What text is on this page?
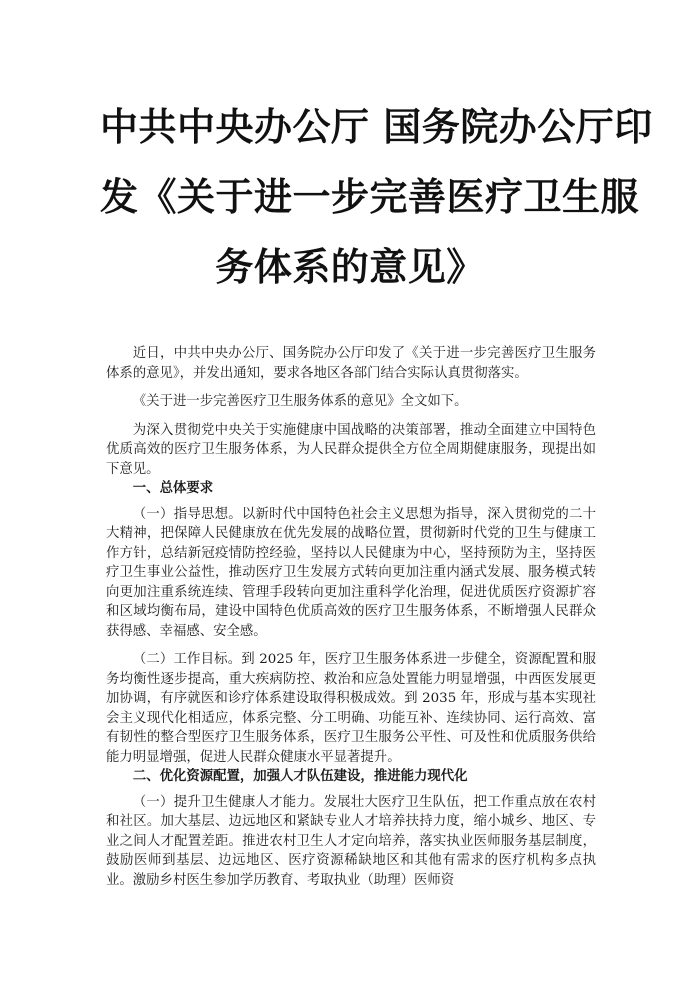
中共中央办公厅 国务院办公厅印
发《关于进一步完善医疗卫生服
务体系的意见》

近日，中共中央办公厅、国务院办公厅印发了《关于进一步完善医疗卫生服务体系的意见》，并发出通知，要求各地区各部门结合实际认真贯彻落实。

《关于进一步完善医疗卫生服务体系的意见》全文如下。

为深入贯彻党中央关于实施健康中国战略的决策部署，推动全面建立中国特色优质高效的医疗卫生服务体系，为人民群众提供全方位全周期健康服务，现提出如下意见。

一、总体要求

（一）指导思想。以新时代中国特色社会主义思想为指导，深入贯彻党的二十大精神，把保障人民健康放在优先发展的战略位置，贯彻新时代党的卫生与健康工作方针，总结新冠疫情防控经验，坚持以人民健康为中心，坚持预防为主，坚持医疗卫生事业公益性，推动医疗卫生发展方式转向更加注重内涵式发展、服务模式转向更加注重系统连续、管理手段转向更加注重科学化治理，促进优质医疗资源扩容和区域均衡布局，建设中国特色优质高效的医疗卫生服务体系，不断增强人民群众获得感、幸福感、安全感。

（二）工作目标。到 2025 年，医疗卫生服务体系进一步健全，资源配置和服务均衡性逐步提高，重大疾病防控、救治和应急处置能力明显增强，中西医发展更加协调，有序就医和诊疗体系建设取得积极成效。到 2035 年，形成与基本实现社会主义现代化相适应，体系完整、分工明确、功能互补、连续协同、运行高效、富有韧性的整合型医疗卫生服务体系，医疗卫生服务公平性、可及性和优质服务供给能力明显增强，促进人民群众健康水平显著提升。

二、优化资源配置，加强人才队伍建设，推进能力现代化

（一）提升卫生健康人才能力。发展壮大医疗卫生队伍，把工作重点放在农村和社区。加大基层、边远地区和紧缺专业人才培养扶持力度，缩小城乡、地区、专业之间人才配置差距。推进农村卫生人才定向培养，落实执业医师服务基层制度，鼓励医师到基层、边远地区、医疗资源稀缺地区和其他有需求的医疗机构多点执业。激励乡村医生参加学历教育、考取执业（助理）医师资
